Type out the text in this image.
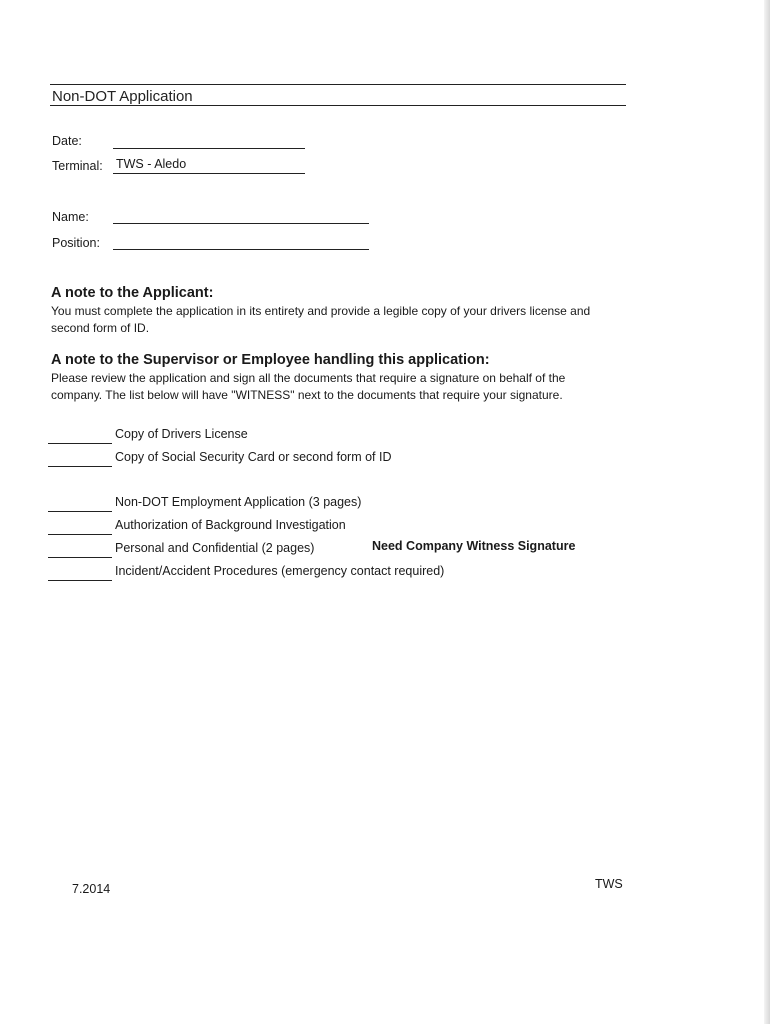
Non-DOT Application
Date:
Terminal: TWS - Aledo
Name:
Position:
A note to the Applicant:
You must complete the application in its entirety and provide a legible copy of your drivers license and
second form of ID.
A note to the Supervisor or Employee handling this application:
Please review the application and sign all the documents that require a signature on behalf of the
company. The list below will have "WITNESS" next to the documents that require your signature.
Copy of Drivers License
Copy of Social Security Card or second form of ID
Non-DOT Employment Application (3 pages)
Authorization of Background Investigation
Personal and Confidential (2 pages)	Need Company Witness Signature
Incident/Accident Procedures (emergency contact required)
7.2014	TWS
